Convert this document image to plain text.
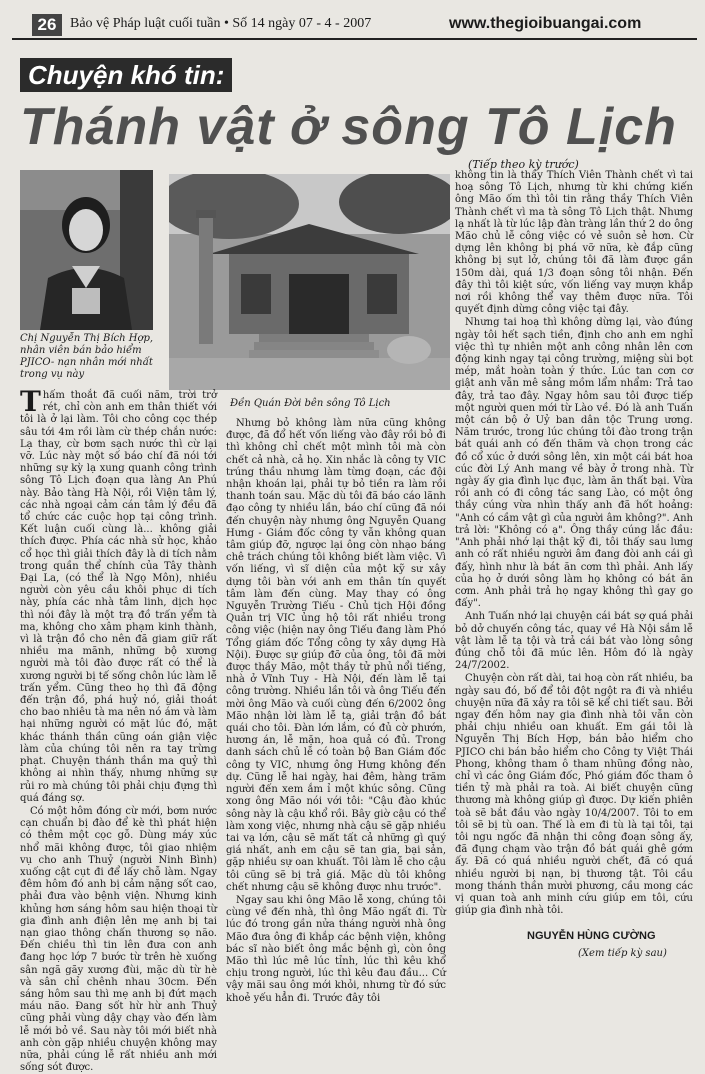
26 Bảo vệ Pháp luật cuối tuần • Số 14 ngày 07 - 4 - 2007	www.thegioibuangai.com
Chuyện khó tin:
Thánh vật ở sông Tô Lịch
(Tiếp theo kỳ trước)
Chị Nguyễn Thị Bích Hợp, nhân viên bán bảo hiểm PJICO- nạn nhân mới nhất trong vụ này
Đền Quán Đời bên sông Tô Lịch

Thấm thoắt đã cuối năm, trời trở rét, chỉ còn anh em thân thiết với tôi là ở lại làm. Tôi cho công cọc thép sâu tới 4m rồi làm cừ thép chắn nước: Lạ thay, cừ bơm sạch nước thì cừ lại vỡ. Lúc này một số báo chí đã nói tới những sự kỳ lạ xung quanh công trình sông Tô Lịch đoạn qua làng An Phú này. Bảo tàng Hà Nội, rồi Viện tâm lý, các nhà ngoại cảm cán tâm lý đều đã tổ chức các cuộc họp tại công trình. Kết luận cuối cùng là... không giải thích được. Phía các nhà sử học, khảo cổ học thì giải thích đây là di tích nằm trong quần thể chính của Tây thành Đại La, (có thể là Ngọ Môn), nhiều người còn yêu cầu khôi phục di tích này, phía các nhà tâm linh, dịch học thì nói đây là một trạ đồ trấn yểm tà ma, không cho xâm phạm kinh thành, vì là trận đồ cho nên đã giam giữ rất nhiều ma mãnh, những bộ xương người mà tôi đào được rất có thể là xương người bị tế sống chôn lúc làm lễ trấn yểm. Cũng theo họ thì đã động đến trận đồ, phá huỷ nó, giải thoát cho bao nhiêu tà ma nên nó ám và làm hại những người có mặt lúc đó, mặt khác thánh thần cũng oán giận việc làm của chúng tôi nên ra tay trừng phạt. Chuyện thánh thần ma quỷ thì không ai nhìn thấy, nhưng những sự rủi ro mà chúng tôi phải chịu đựng thì quá đáng sợ.

Có một hôm đóng cừ mới, bơm nước cạn chuẩn bị đào để kè thì phát hiện có thêm một cọc gỗ. Dùng máy xúc nhổ mãi không được, tôi giao nhiệm vụ cho anh Thuỷ (người Ninh Bình) xuống cật cụt đi để lấy chỗ làm. Ngay đêm hôm đó anh bị cảm nặng sốt cao, phải đưa vào bệnh viện. Nhưng kinh khủng hơn sáng hôm sau hiện thoại từ gia đình anh điện lên mẹ anh bị tai nạn giao thông chấn thương sọ não. Đến chiều thì tin lên đưa con anh đang học lớp 7 bước từ trên hè xuống sân ngã gãy xương đùi, mặc dù từ hè và sân chỉ chênh nhau 30cm. Đến sáng hôm sau thì mẹ anh bị đứt mạch máu não. Đang sốt hừ hừ anh Thuỷ cũng phải vùng dậy chạy vào đến làm lễ mới bỏ về. Sau này tôi mới biết nhà anh còn gặp nhiều chuyện không may nữa, phải cúng lễ rất nhiều anh mới sống sót được.

Nhưng bỏ không làm nữa cũng không được, đã đổ hết vốn liếng vào đây rồi bỏ đi thì không chỉ chết một mình tôi mà còn chết cả nhà, cả họ. Xin nhắc là công ty VIC trúng thầu nhưng làm từng đoạn, các đội nhận khoán lại, phải tự bỏ tiền ra làm rồi thanh toán sau. Mặc dù tôi đã báo cáo lãnh đạo công ty nhiều lần, báo chí cũng đã nói đến chuyện này nhưng ông Nguyễn Quang Hưng - Giám đốc công ty vẫn không quan tâm giúp đỡ, ngược lại ông còn nhạo báng chê trách chúng tôi không biết làm việc. Vì vốn liếng, vì sĩ diện của một kỹ sư xây dựng tôi bàn với anh em thân tín quyết tâm làm đến cùng. May thay có ông Nguyễn Trường Tiếu - Chủ tịch Hội đồng Quản trị VIC ủng hộ tôi rất nhiều trong công việc (hiện nay ông Tiếu đang làm Phó Tổng giám đốc Tổng công ty xây dựng Hà Nội). Được sự giúp đỡ của ông, tôi đã mời được thầy Mão, một thầy tử phủ nổi tiếng, nhà ở Vĩnh Tuy - Hà Nội, đến làm lễ tại công trường. Nhiều lần tôi và ông Tiếu đến mời ông Mão và cuối cùng đến 6/2002 ông Mão nhận lời làm lễ tạ, giải trận đồ bát quái cho tôi. Đàn lớn lắm, có đủ cờ phướn, hương án, lễ mặn, hoa quả có đủ. Trong danh sách chủ lễ có toàn bộ Ban Giám đốc công ty VIC, nhưng ông Hưng không đến dự. Cũng lễ hai ngày, hai đêm, hàng trăm người đến xem ắm ỉ một khúc sông. Cũng xong ông Mão nói với tôi: "Cậu đào khúc sông này là cậu khổ rồi. Bây giờ cậu có thể làm xong việc, nhưng nhà cậu sẽ gặp nhiều tai vạ lớn, cậu sẽ mất tất cả những gì quý giá nhất, anh em cậu sẽ tan gia, bại sản, gặp nhiều sự oan khuất. Tôi làm lễ cho cậu tôi cũng sẽ bị trả giá. Mặc dù tôi không chết nhưng cậu sẽ không được nhu trước".

Ngay sau khi ông Mão lễ xong, chúng tôi cùng về đến nhà, thì ông Mão ngất đi. Từ lúc đó trong gần nửa tháng người nhà ông Mão đưa ông đi khắp các bệnh viện, không bác sĩ nào biết ông mắc bệnh gì, còn ông Mão thì lúc mê lúc tỉnh, lúc thì kêu khổ chịu trong người, lúc thì kêu đau đầu... Cứ vậy mãi sau ông mới khỏi, nhưng từ đó sức khoẻ yếu hẳn đi. Trước đây tôi

không tin là thầy Thích Viên Thành chết vì tai hoạ sông Tô Lịch, nhưng từ khi chứng kiến ông Mão ốm thì tôi tin rằng thầy Thích Viên Thành chết vì ma tà sông Tô Lịch thật. Nhưng lạ nhất là từ lúc lập đàn tràng lần thứ 2 do ông Mão chủ lễ công việc có vẻ suôn sẻ hơn. Cừ dựng lên không bị phá vỡ nữa, kè đắp cũng không bị sụt lở, chúng tôi đã làm được gần 150m dài, quá 1/3 đoạn sông tôi nhận. Đến đây thì tôi kiệt sức, vốn liếng vay mượn khắp nơi rồi không thể vay thêm được nữa. Tôi quyết định dừng công việc tại đây.

Nhưng tai hoạ thì không dừng lại, vào đúng ngày tôi hết sạch tiền, định cho anh em nghỉ việc thì tự nhiên một anh công nhân lên cơn động kinh ngay tại công trường, miệng sùi bọt mép, mắt hoàn toàn ý thức. Lúc tan cơn cơ giật anh vẫn mê sảng mồm lẩm nhẩm: Trả tao đây, trả tao đây. Ngay hôm sau tôi được tiếp một người quen mới từ Lào về. Đó là anh Tuấn một cán bộ ở Uỷ ban dân tộc Trung ương. Năm trước, trong lúc chúng tôi đào trong trận bát quái anh có đến thăm và chọn trong các đồ cổ xúc ở dưới sông lên, xin một cái bát hoa cúc đời Lý Anh mang về bày ở trong nhà. Từ ngày ấy gia đình lục đục, làm ăn thất bại. Vừa rồi anh có đi công tác sang Lào, có một ông thầy cúng vừa nhìn thấy anh đã hốt hoảng: "Anh có cầm vật gì của người âm không?". Anh trả lời: "Không có ạ". Ông thầy cúng lắc đầu: "Anh phải nhớ lại thật kỹ đi, tôi thấy sau lưng anh có rất nhiều người âm đang đòi anh cái gì đấy, hình như là bát ăn cơm thì phải. Anh lấy của họ ở dưới sông làm họ không có bát ăn cơm. Anh phải trả họ ngay không thì gay go đấy".

Anh Tuấn nhớ lại chuyện cái bát sợ quá phải bỏ dở chuyến công tác, quay về Hà Nội sắm lễ vật làm lễ tạ tội và trả cái bát vào lòng sông đúng chỗ tôi đã múc lên. Hôm đó là ngày 24/7/2002.

Chuyện còn rất dài, tai hoạ còn rất nhiều, ba ngày sau đó, bố để tôi đột ngột ra đi và nhiều chuyện nữa đã xảy ra tôi sẽ kể chi tiết sau. Bởi ngay đến hôm nay gia đình nhà tôi vẫn còn phải chịu nhiều oan khuất. Em gái tôi là Nguyễn Thị Bích Hợp, bán bảo hiểm cho PJICO chi bán bảo hiểm cho Công ty Việt Thái Phong, không tham ô tham nhũng đồng nào, chỉ vì các ông Giám đốc, Phó giám đốc tham ô tiền tỷ mà phải ra toà. Ai biết chuyện cũng thương mà không giúp gì được. Dự kiến phiên toà sẽ bắt đầu vào ngày 10/4/2007. Tôi to em tôi sẽ bị tù oan. Thế là em đi tù là tại tôi, tại tôi ngu ngốc đã nhận thi công đoạn sông ấy, đã đụng chạm vào trận đồ bát quái ghê gớm ấy. Đã có quá nhiều người chết, đã có quá nhiều người bị nạn, bị thương tật. Tôi cầu mong thánh thần mười phương, cầu mong các vị quan toà anh minh cứu giúp em tôi, cứu giúp gia đình nhà tôi.

NGUYỄN HÙNG CƯỜNG
(Xem tiếp kỳ sau)
